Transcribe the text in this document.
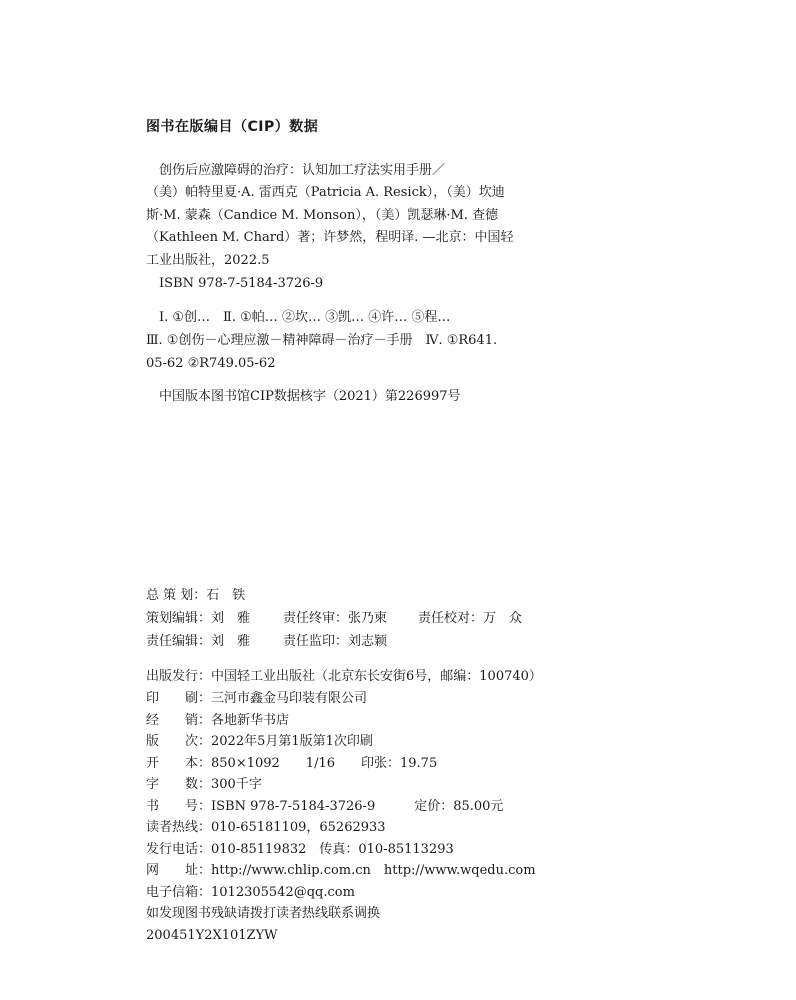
图书在版编目（CIP）数据
创伤后应激障碍的治疗：认知加工疗法实用手册／
（美）帕特里夏·A. 雷西克（Patricia A. Resick），（美）坎迪
斯·M. 蒙森（Candice M. Monson），（美）凯瑟琳·M. 查德
（Kathleen M. Chard）著；许梦然，程明译. —北京：中国轻
工业出版社，2022.5
ISBN 978-7-5184-3726-9
Ⅰ. ①创…　Ⅱ. ①帕… ②坎… ③凯… ④许… ⑤程…
Ⅲ. ①创伤－心理应激－精神障碍－治疗－手册　Ⅳ. ①R641.
05-62 ②R749.05-62
中国版本图书馆CIP数据核字（2021）第226997号
总 策 划：石　铁
策划编辑：刘　雅	责任终审：张乃柬 责任校对：万　众
责任编辑：刘　雅	责任监印：刘志颖
出版发行：中国轻工业出版社（北京东长安街6号，邮编：100740）
印　　刷：三河市鑫金马印装有限公司
经　　销：各地新华书店
版　　次：2022年5月第1版第1次印刷
开　　本：850×1092　　1/16　　印张：19.75
字　　数：300千字
书　　号：ISBN 978-7-5184-3726-9　　　定价：85.00元
读者热线：010-65181109，65262933
发行电话：010-85119832　传真：010-85113293
网　　址：http://www.chlip.com.cn　http://www.wqedu.com
电子信箱：1012305542@qq.com
如发现图书残缺请拨打读者热线联系调换
200451Y2X101ZYW
